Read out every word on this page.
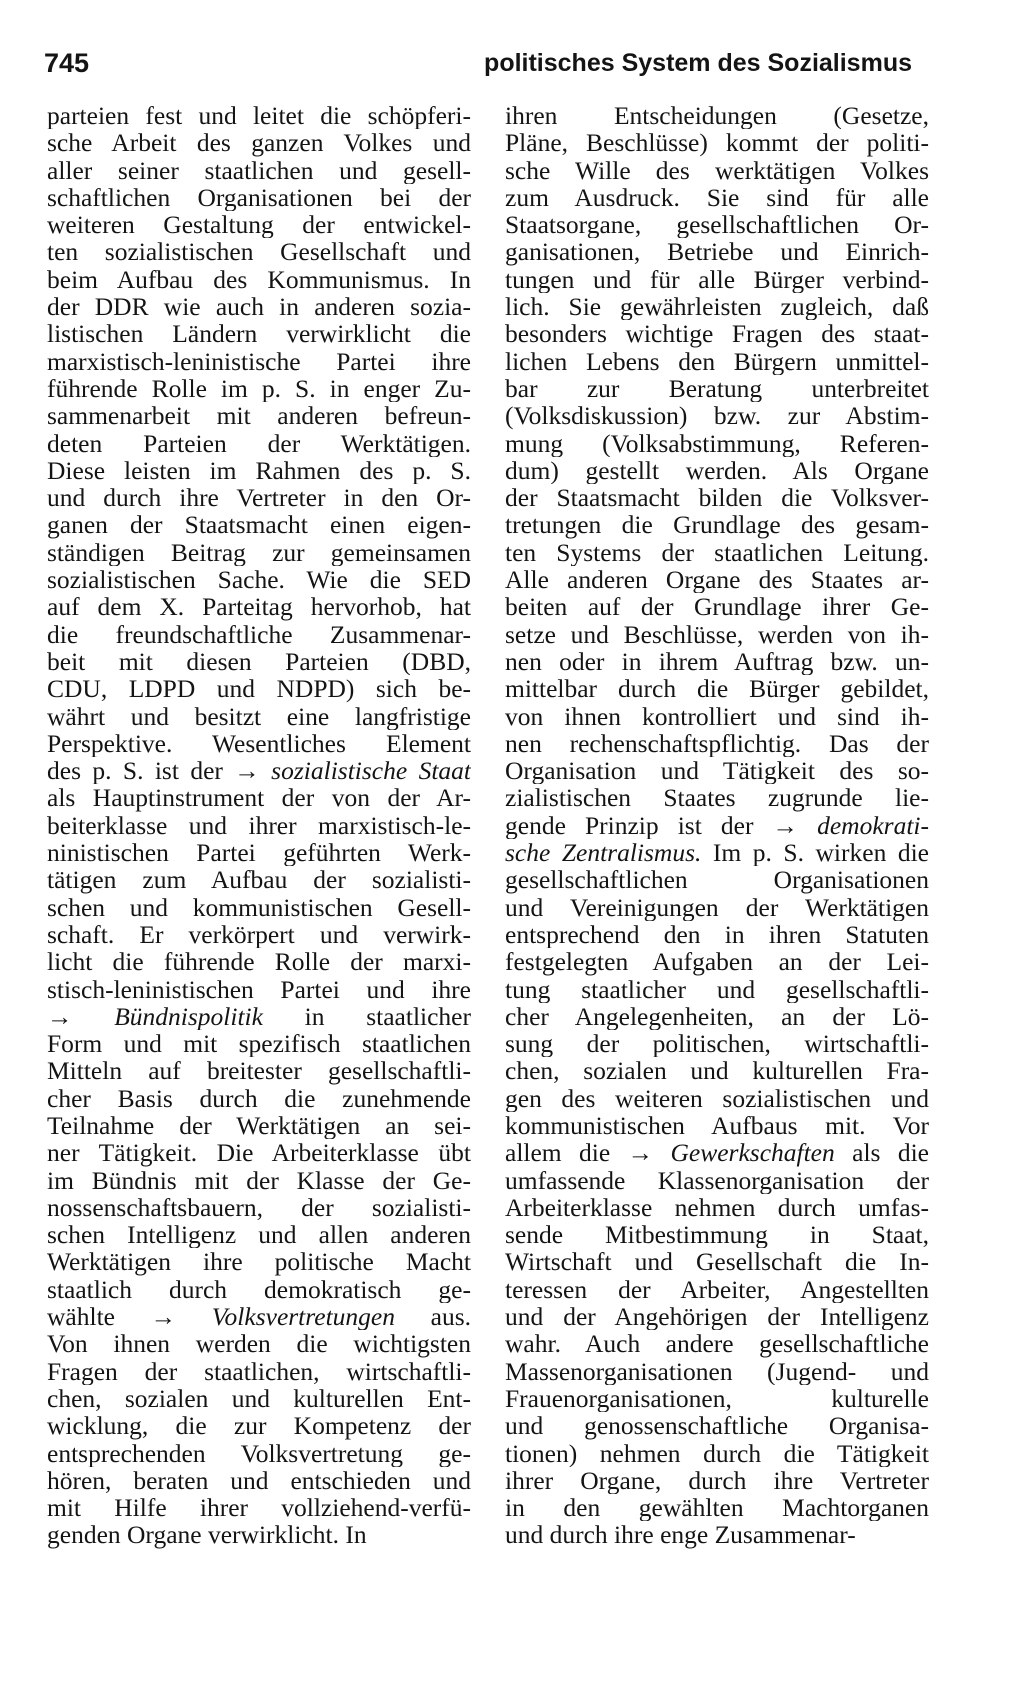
745	politisches System des Sozialismus
parteien fest und leitet die schöpferi-
sche Arbeit des ganzen Volkes und
aller seiner staatlichen und gesell-
schaftlichen Organisationen bei der
weiteren Gestaltung der entwickel-
ten sozialistischen Gesellschaft und
beim Aufbau des Kommunismus. In
der DDR wie auch in anderen sozia-
listischen Ländern verwirklicht die
marxistisch-leninistische Partei ihre
führende Rolle im p. S. in enger Zu-
sammenarbeit mit anderen befreun-
deten Parteien der Werktätigen.
Diese leisten im Rahmen des p. S.
und durch ihre Vertreter in den Or-
ganen der Staatsmacht einen eigen-
ständigen Beitrag zur gemeinsamen
sozialistischen Sache. Wie die SED
auf dem X. Parteitag hervorhob, hat
die freundschaftliche Zusammenar-
beit mit diesen Parteien (DBD,
CDU, LDPD und NDPD) sich be-
währt und besitzt eine langfristige
Perspektive. Wesentliches Element
des p. S. ist der → sozialistische Staat
als Hauptinstrument der von der Ar-
beiterklasse und ihrer marxistisch-le-
ninistischen Partei geführten Werk-
tätigen zum Aufbau der sozialisti-
schen und kommunistischen Gesell-
schaft. Er verkörpert und verwirk-
licht die führende Rolle der marxi-
stisch-leninistischen Partei und ihre
→ Bündnispolitik in staatlicher
Form und mit spezifisch staatlichen
Mitteln auf breitester gesellschaftli-
cher Basis durch die zunehmende
Teilnahme der Werktätigen an sei-
ner Tätigkeit. Die Arbeiterklasse übt
im Bündnis mit der Klasse der Ge-
nossenschaftsbauern, der sozialisti-
schen Intelligenz und allen anderen
Werktätigen ihre politische Macht
staatlich durch demokratisch ge-
wählte → Volksvertretungen aus.
Von ihnen werden die wichtigsten
Fragen der staatlichen, wirtschaftli-
chen, sozialen und kulturellen Ent-
wicklung, die zur Kompetenz der
entsprechenden Volksvertretung ge-
hören, beraten und entschieden und
mit Hilfe ihrer vollziehend-verfü-
genden Organe verwirklicht. In
ihren Entscheidungen (Gesetze,
Pläne, Beschlüsse) kommt der politi-
sche Wille des werktätigen Volkes
zum Ausdruck. Sie sind für alle
Staatsorgane, gesellschaftlichen Or-
ganisationen, Betriebe und Einrich-
tungen und für alle Bürger verbind-
lich. Sie gewährleisten zugleich, daß
besonders wichtige Fragen des staat-
lichen Lebens den Bürgern unmittel-
bar zur Beratung unterbreitet
(Volksdiskussion) bzw. zur Abstim-
mung (Volksabstimmung, Referen-
dum) gestellt werden. Als Organe
der Staatsmacht bilden die Volksver-
tretungen die Grundlage des gesam-
ten Systems der staatlichen Leitung.
Alle anderen Organe des Staates ar-
beiten auf der Grundlage ihrer Ge-
setze und Beschlüsse, werden von ih-
nen oder in ihrem Auftrag bzw. un-
mittelbar durch die Bürger gebildet,
von ihnen kontrolliert und sind ih-
nen rechenschaftspflichtig. Das der
Organisation und Tätigkeit des so-
zialistischen Staates zugrunde lie-
gende Prinzip ist der → demokrati-
sche Zentralismus. Im p. S. wirken die
gesellschaftlichen Organisationen
und Vereinigungen der Werktätigen
entsprechend den in ihren Statuten
festgelegten Aufgaben an der Lei-
tung staatlicher und gesellschaftli-
cher Angelegenheiten, an der Lö-
sung der politischen, wirtschaftli-
chen, sozialen und kulturellen Fra-
gen des weiteren sozialistischen und
kommunistischen Aufbaus mit. Vor
allem die → Gewerkschaften als die
umfassende Klassenorganisation der
Arbeiterklasse nehmen durch umfas-
sende Mitbestimmung in Staat,
Wirtschaft und Gesellschaft die In-
teressen der Arbeiter, Angestellten
und der Angehörigen der Intelligenz
wahr. Auch andere gesellschaftliche
Massenorganisationen (Jugend- und
Frauenorganisationen, kulturelle
und genossenschaftliche Organisa-
tionen) nehmen durch die Tätigkeit
ihrer Organe, durch ihre Vertreter
in den gewählten Machtorganen
und durch ihre enge Zusammenar-
